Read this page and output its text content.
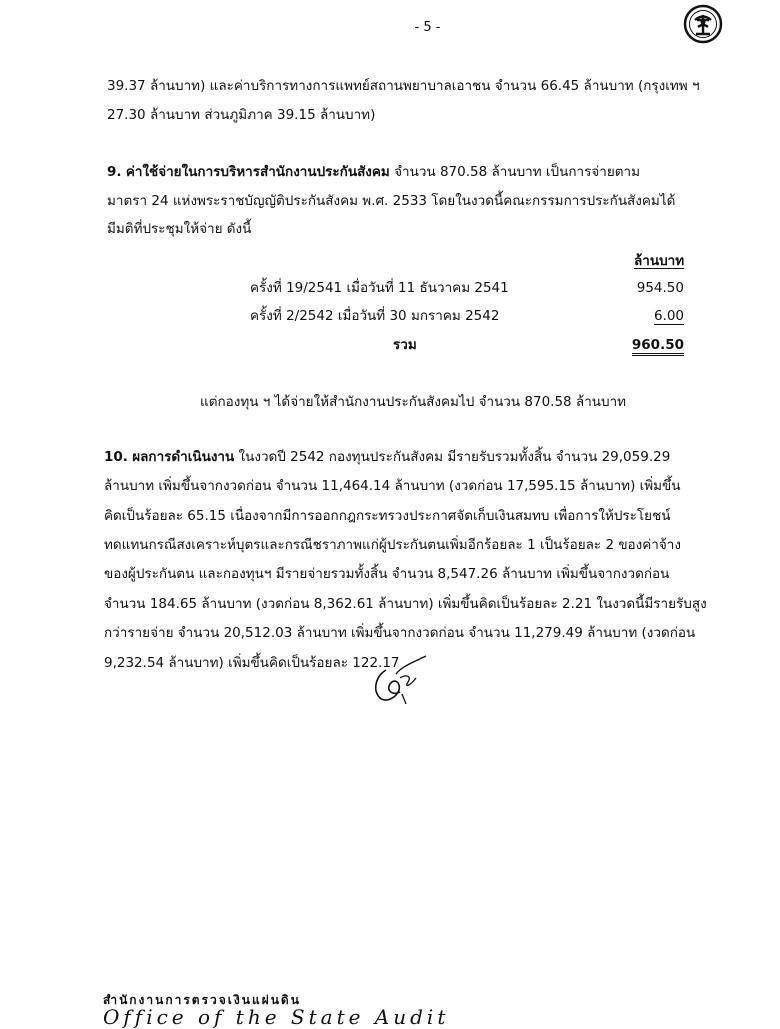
- 5 -
39.37 ล้านบาท) และค่าบริการทางการแพทย์สถานพยาบาลเอาชน จำนวน 66.45 ล้านบาท (กรุงเทพ ฯ
27.30 ล้านบาท ส่วนภูมิภาค 39.15 ล้านบาท)
9. ค่าใช้จ่ายในการบริหารสำนักงานประกันสังคม จำนวน 870.58 ล้านบาท เป็นการจ่ายตาม
มาตรา 24 แห่งพระราชบัญญัติประกันสังคม พ.ศ. 2533 โดยในงวดนี้คณะกรรมการประกันสังคมได้
มีมติที่ประชุมให้จ่าย ดังนี้
ล้านบาท
ครั้งที่ 19/2541 เมื่อวันที่ 11 ธันวาคม 2541	954.50
ครั้งที่ 2/2542 เมื่อวันที่ 30 มกราคม 2542	6.00
รวม	960.50
แต่กองทุน ฯ ได้จ่ายให้สำนักงานประกันสังคมไป จำนวน 870.58 ล้านบาท
10. ผลการดำเนินงาน ในงวดปี 2542 กองทุนประกันสังคม มีรายรับรวมทั้งสิ้น จำนวน 29,059.29
ล้านบาท เพิ่มขึ้นจากงวดก่อน จำนวน 11,464.14 ล้านบาท (งวดก่อน 17,595.15 ล้านบาท) เพิ่มขึ้น
คิดเป็นร้อยละ 65.15 เนื่องจากมีการออกกฎกระทรวงประกาศจัดเก็บเงินสมทบ เพื่อการให้ประโยชน์
ทดแทนกรณีสงเคราะห์บุตรและกรณีชราภาพแก่ผู้ประกันตนเพิ่มอีกร้อยละ 1 เป็นร้อยละ 2 ของค่าจ้าง
ของผู้ประกันตน และกองทุนฯ มีรายจ่ายรวมทั้งสิ้น จำนวน 8,547.26 ล้านบาท เพิ่มขึ้นจากงวดก่อน
จำนวน 184.65 ล้านบาท (งวดก่อน 8,362.61 ล้านบาท) เพิ่มขึ้นคิดเป็นร้อยละ 2.21 ในงวดนี้มีรายรับสูง
กว่ารายจ่าย จำนวน 20,512.03 ล้านบาท เพิ่มขึ้นจากงวดก่อน จำนวน 11,279.49 ล้านบาท (งวดก่อน
9,232.54 ล้านบาท) เพิ่มขึ้นคิดเป็นร้อยละ 122.17
สำนักงานการตรวจเงินแผ่นดิน
Office of the State Audit
